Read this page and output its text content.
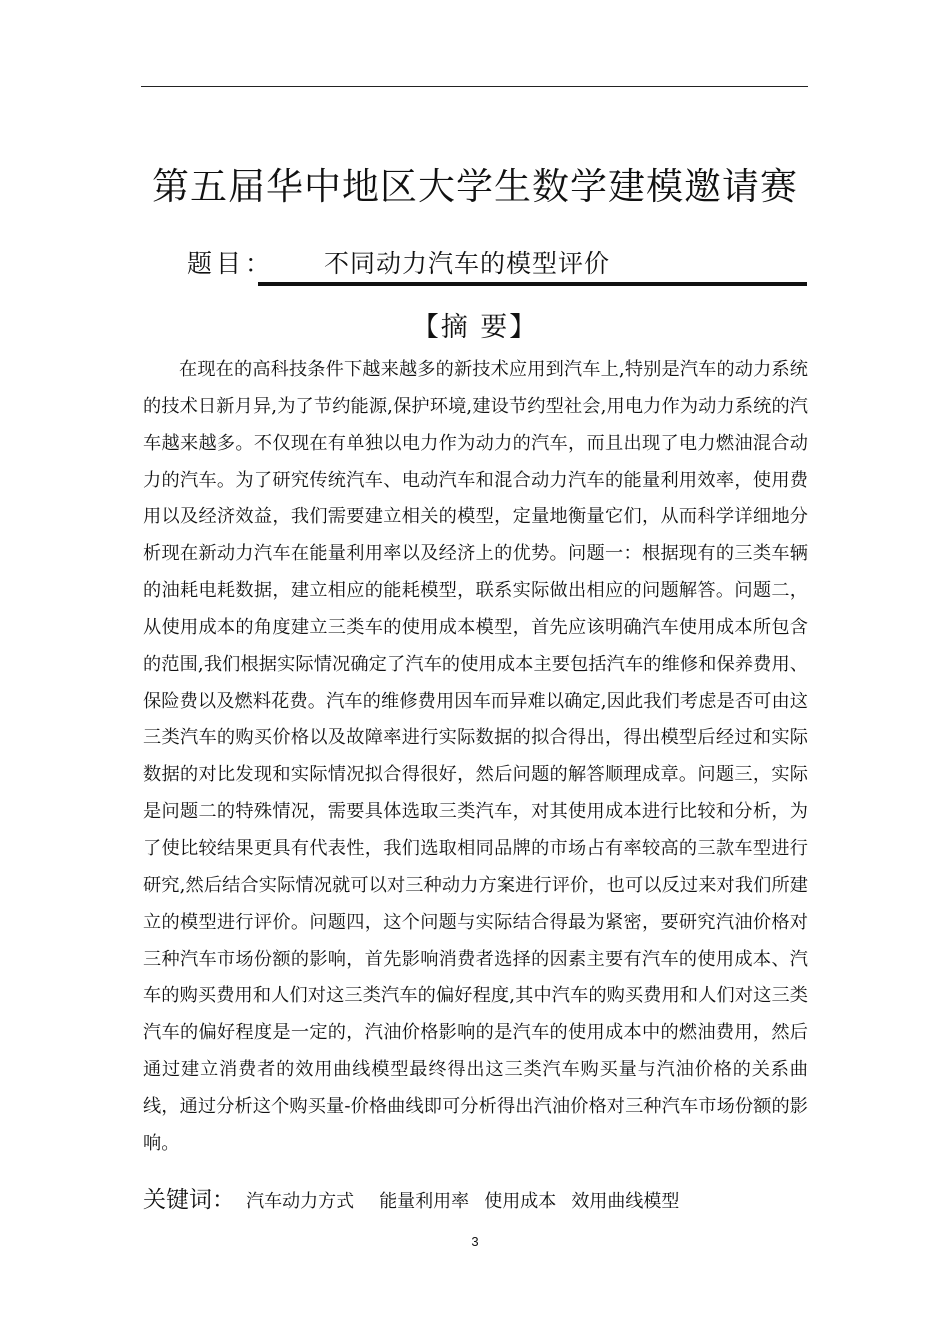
第五届华中地区大学生数学建模邀请赛
题目： 不同动力汽车的模型评价
【摘 要】

在现在的高科技条件下越来越多的新技术应用到汽车上,特别是汽车的动力系统的技术日新月异,为了节约能源,保护环境,建设节约型社会,用电力作为动力系统的汽车越来越多。不仅现在有单独以电力作为动力的汽车，而且出现了电力燃油混合动力的汽车。为了研究传统汽车、电动汽车和混合动力汽车的能量利用效率，使用费用以及经济效益，我们需要建立相关的模型，定量地衡量它们，从而科学详细地分析现在新动力汽车在能量利用率以及经济上的优势。问题一：根据现有的三类车辆的油耗电耗数据，建立相应的能耗模型，联系实际做出相应的问题解答。问题二，从使用成本的角度建立三类车的使用成本模型，首先应该明确汽车使用成本所包含的范围,我们根据实际情况确定了汽车的使用成本主要包括汽车的维修和保养费用、保险费以及燃料花费。汽车的维修费用因车而异难以确定,因此我们考虑是否可由这三类汽车的购买价格以及故障率进行实际数据的拟合得出，得出模型后经过和实际数据的对比发现和实际情况拟合得很好，然后问题的解答顺理成章。问题三，实际是问题二的特殊情况，需要具体选取三类汽车，对其使用成本进行比较和分析，为了使比较结果更具有代表性，我们选取相同品牌的市场占有率较高的三款车型进行研究,然后结合实际情况就可以对三种动力方案进行评价，也可以反过来对我们所建立的模型进行评价。问题四，这个问题与实际结合得最为紧密，要研究汽油价格对三种汽车市场份额的影响，首先影响消费者选择的因素主要有汽车的使用成本、汽车的购买费用和人们对这三类汽车的偏好程度,其中汽车的购买费用和人们对这三类汽车的偏好程度是一定的，汽油价格影响的是汽车的使用成本中的燃油费用，然后通过建立消费者的效用曲线模型最终得出这三类汽车购买量与汽油价格的关系曲线，通过分析这个购买量-价格曲线即可分析得出汽油价格对三种汽车市场份额的影响。

关键词： 汽车动力方式 能量利用率 使用成本 效用曲线模型
3
